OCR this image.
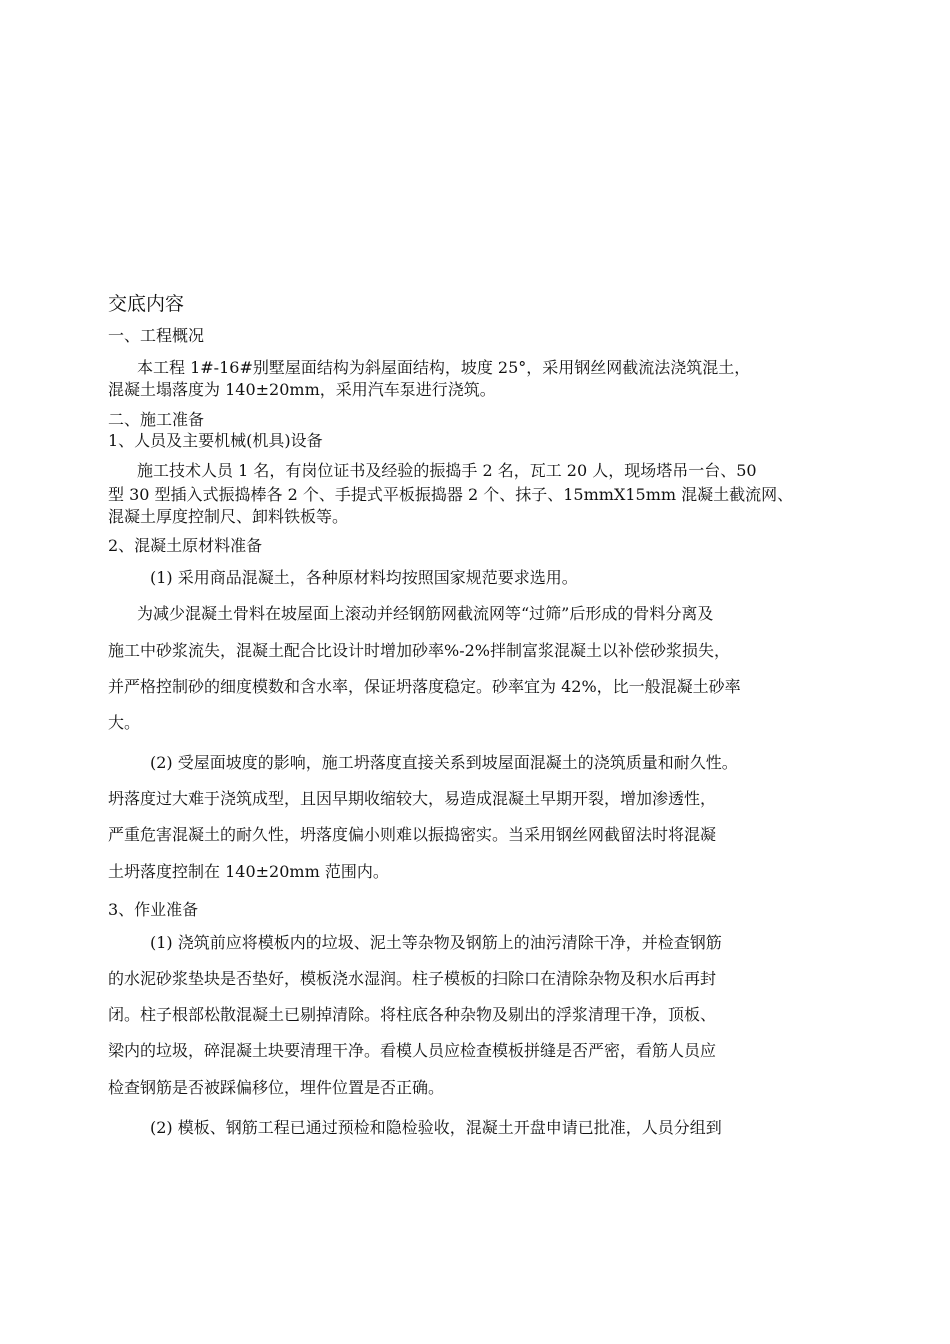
交底内容

一、工程概况

本工程 1#-16#别墅屋面结构为斜屋面结构，坡度 25°，采用钢丝网截流法浇筑混土，

混凝土塌落度为 140±20mm，采用汽车泵进行浇筑。

二、施工准备

1、人员及主要机械(机具)设备

施工技术人员 1 名，有岗位证书及经验的振捣手 2 名，瓦工 20 人，现场塔吊一台、50

型 30 型插入式振捣棒各 2 个、手提式平板振捣器 2 个、抹子、15mmX15mm 混凝土截流网、

混凝土厚度控制尺、卸料铁板等。

2、混凝土原材料准备

(1) 采用商品混凝土，各种原材料均按照国家规范要求选用。

为减少混凝土骨料在坡屋面上滚动并经钢筋网截流网等“过筛”后形成的骨料分离及

施工中砂浆流失，混凝土配合比设计时增加砂率%-2%拌制富浆混凝土以补偿砂浆损失，

并严格控制砂的细度模数和含水率，保证坍落度稳定。砂率宜为 42%，比一般混凝土砂率

大。

(2) 受屋面坡度的影响，施工坍落度直接关系到坡屋面混凝土的浇筑质量和耐久性。

坍落度过大难于浇筑成型，且因早期收缩较大，易造成混凝土早期开裂，增加渗透性，

严重危害混凝土的耐久性，坍落度偏小则难以振捣密实。当采用钢丝网截留法时将混凝

土坍落度控制在 140±20mm 范围内。

3、作业准备

(1) 浇筑前应将模板内的垃圾、泥土等杂物及钢筋上的油污清除干净，并检查钢筋

的水泥砂浆垫块是否垫好，模板浇水湿润。柱子模板的扫除口在清除杂物及积水后再封

闭。柱子根部松散混凝土已剔掉清除。将柱底各种杂物及剔出的浮浆清理干净，顶板、

梁内的垃圾，碎混凝土块要清理干净。看模人员应检查模板拼缝是否严密，看筋人员应

检查钢筋是否被踩偏移位，埋件位置是否正确。

(2) 模板、钢筋工程已通过预检和隐检验收，混凝土开盘申请已批准，人员分组到
